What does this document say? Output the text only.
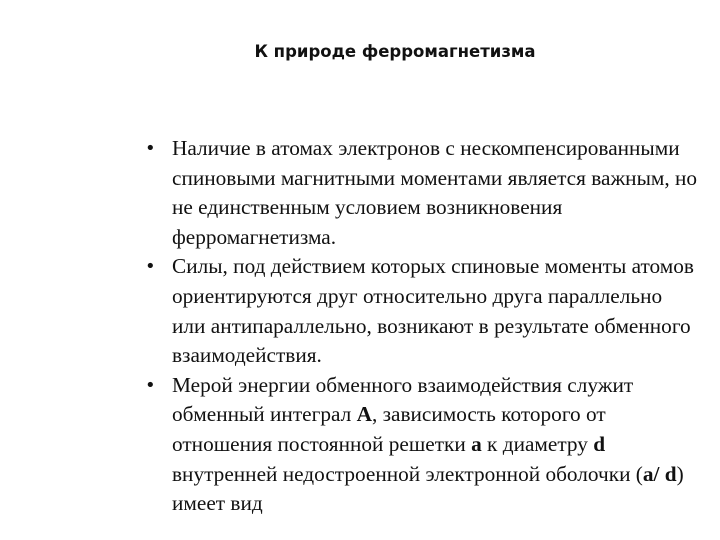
К природе ферромагнетизма
• Наличие в атомах электронов с нескомпенсированными спиновыми магнитными моментами является важным, но не единственным условием возникновения ферромагнетизма.
• Силы, под действием которых спиновые моменты атомов ориентируются друг относительно друга параллельно или антипараллельно, возникают в результате обменного взаимодействия.
• Мерой энергии обменного взаимодействия служит обменный интеграл А, зависимость которого от отношения постоянной решетки а к диаметру d внутренней недостроенной электронной оболочки (а/ d) имеет вид
